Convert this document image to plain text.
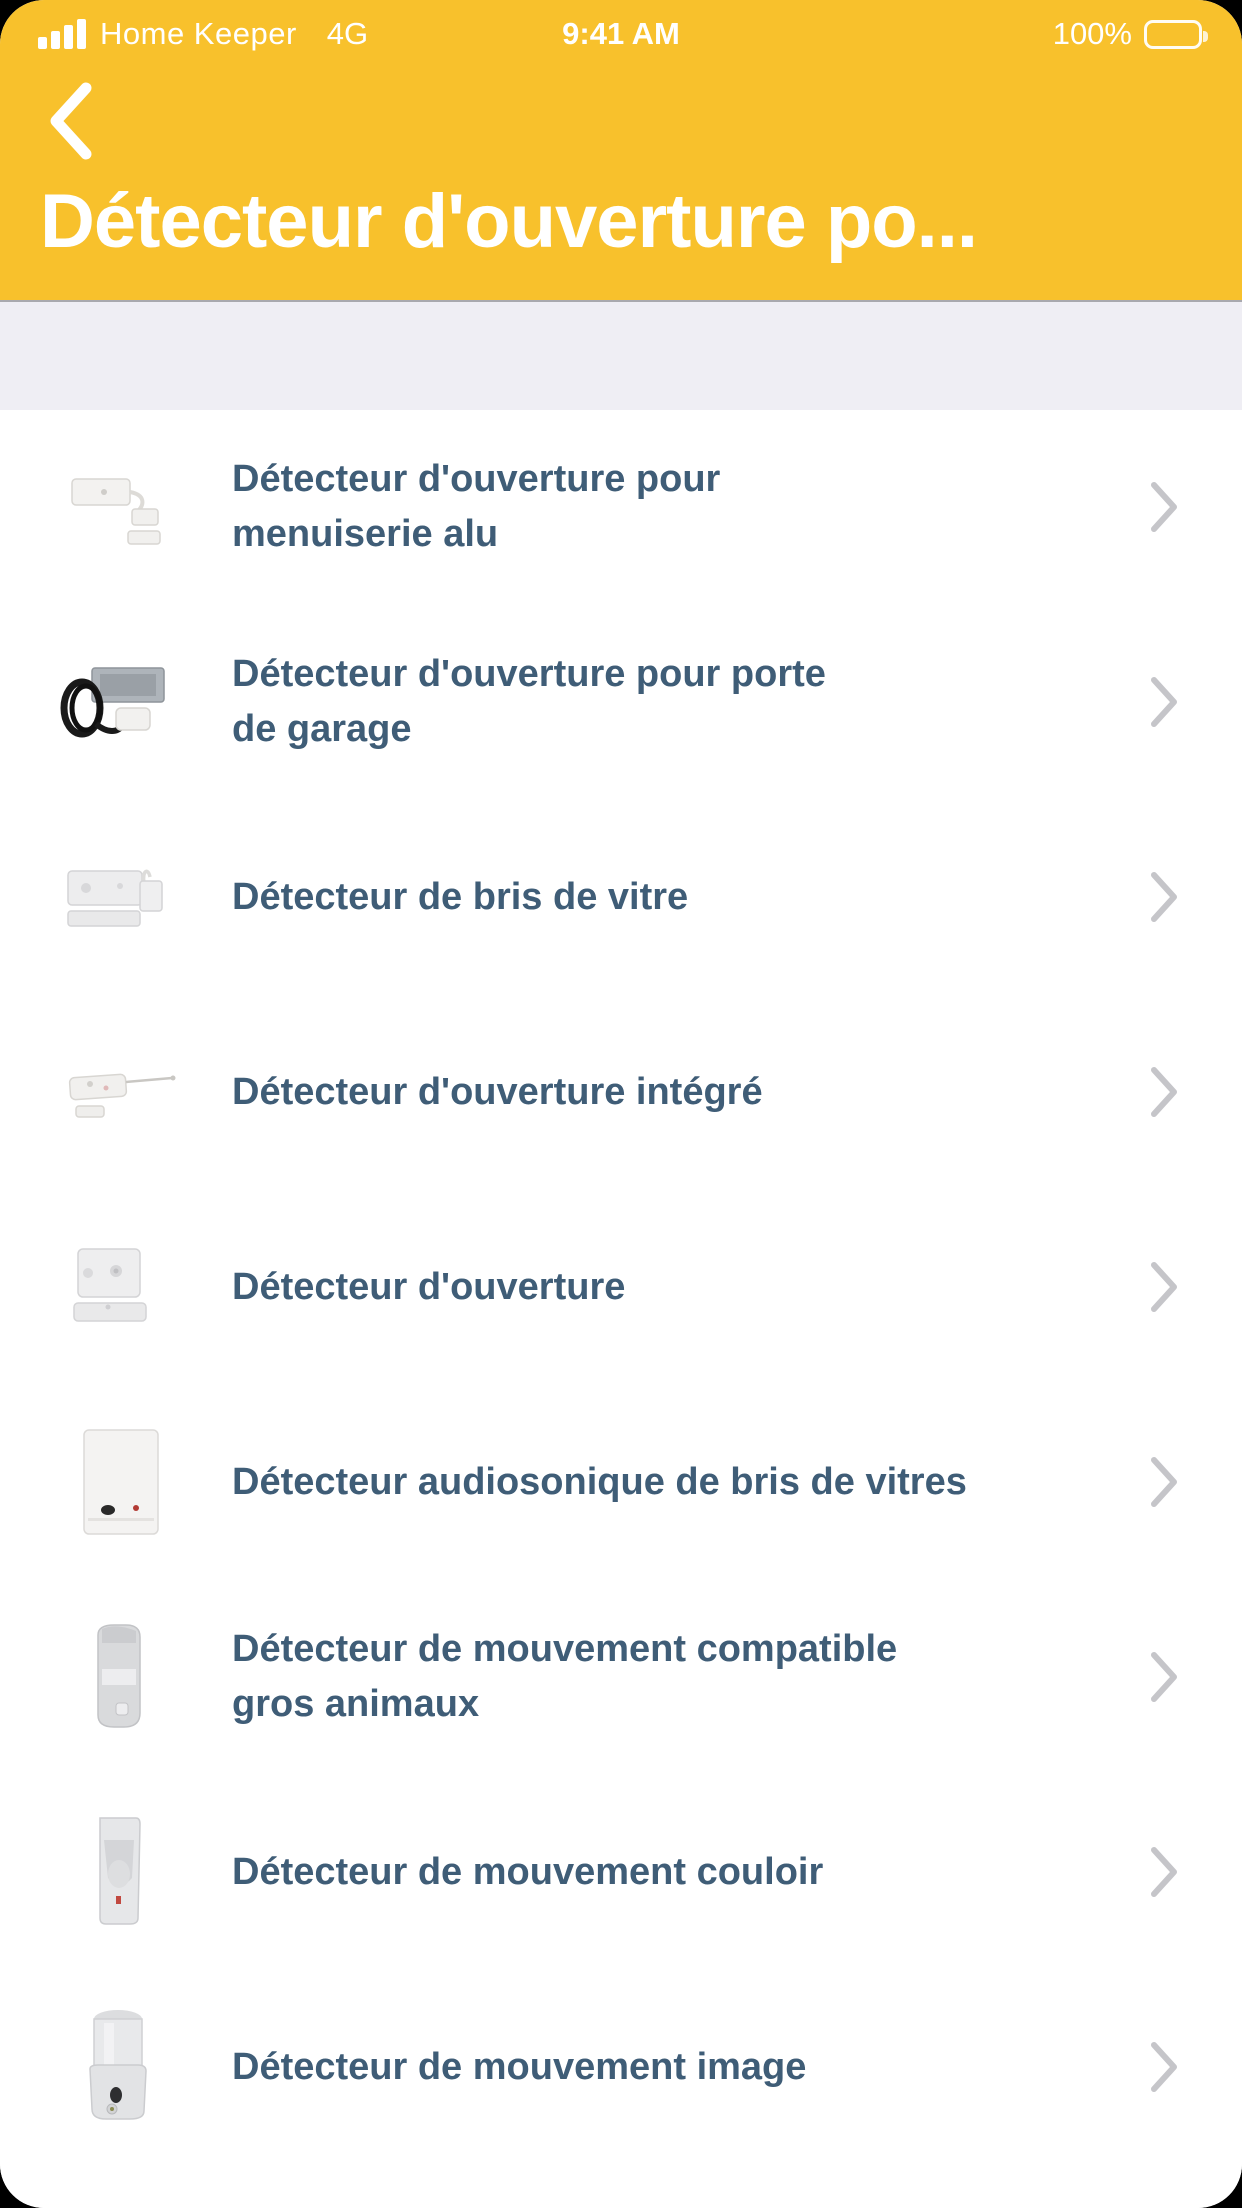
Home Keeper 4G	9:41 AM	100%
Détecteur d'ouverture po...
Détecteur d'ouverture pour
menuiserie alu
Détecteur d'ouverture pour porte
de garage
Détecteur de bris de vitre
Détecteur d'ouverture intégré
Détecteur d'ouverture
Détecteur audiosonique de bris de vitres
Détecteur de mouvement compatible
gros animaux
Détecteur de mouvement couloir
Détecteur de mouvement image
